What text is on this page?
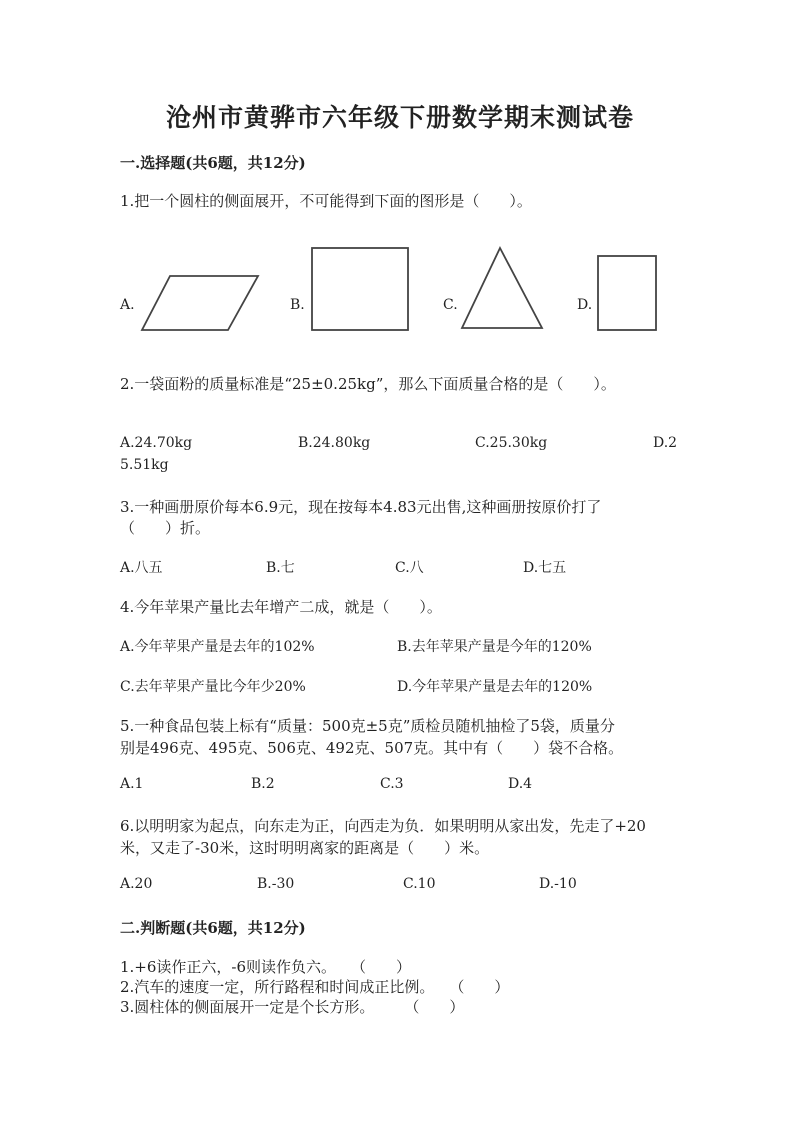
沧州市黄骅市六年级下册数学期末测试卷
一.选择题(共6题，共12分)
1.把一个圆柱的侧面展开，不可能得到下面的图形是（　　）。
A.	B.	C.	D.
2.一袋面粉的质量标准是“25±0.25kg”，那么下面质量合格的是（　　）。
A.24.70kg	B.24.80kg	C.25.30kg	D.2
5.51kg
3.一种画册原价每本6.9元，现在按每本4.83元出售,这种画册按原价打了
（　　）折。
A.八五	B.七	C.八	D.七五
4.今年苹果产量比去年增产二成，就是（　　）。
A.今年苹果产量是去年的102%	B.去年苹果产量是今年的120%
C.去年苹果产量比今年少20%	D.今年苹果产量是去年的120%
5.一种食品包装上标有“质量：500克±5克”质检员随机抽检了5袋，质量分
别是496克、495克、506克、492克、507克。其中有（　　）袋不合格。
A.1	B.2	C.3	D.4
6.以明明家为起点，向东走为正，向西走为负．如果明明从家出发，先走了+20
米，又走了-30米，这时明明离家的距离是（　　）米。
A.20	B.-30	C.10	D.-10
二.判断题(共6题，共12分)
1.+6读作正六，-6则读作负六。　　（　　）
2.汽车的速度一定，所行路程和时间成正比例。　　（　　）
3.圆柱体的侧面展开一定是个长方形。　　　（　　）
